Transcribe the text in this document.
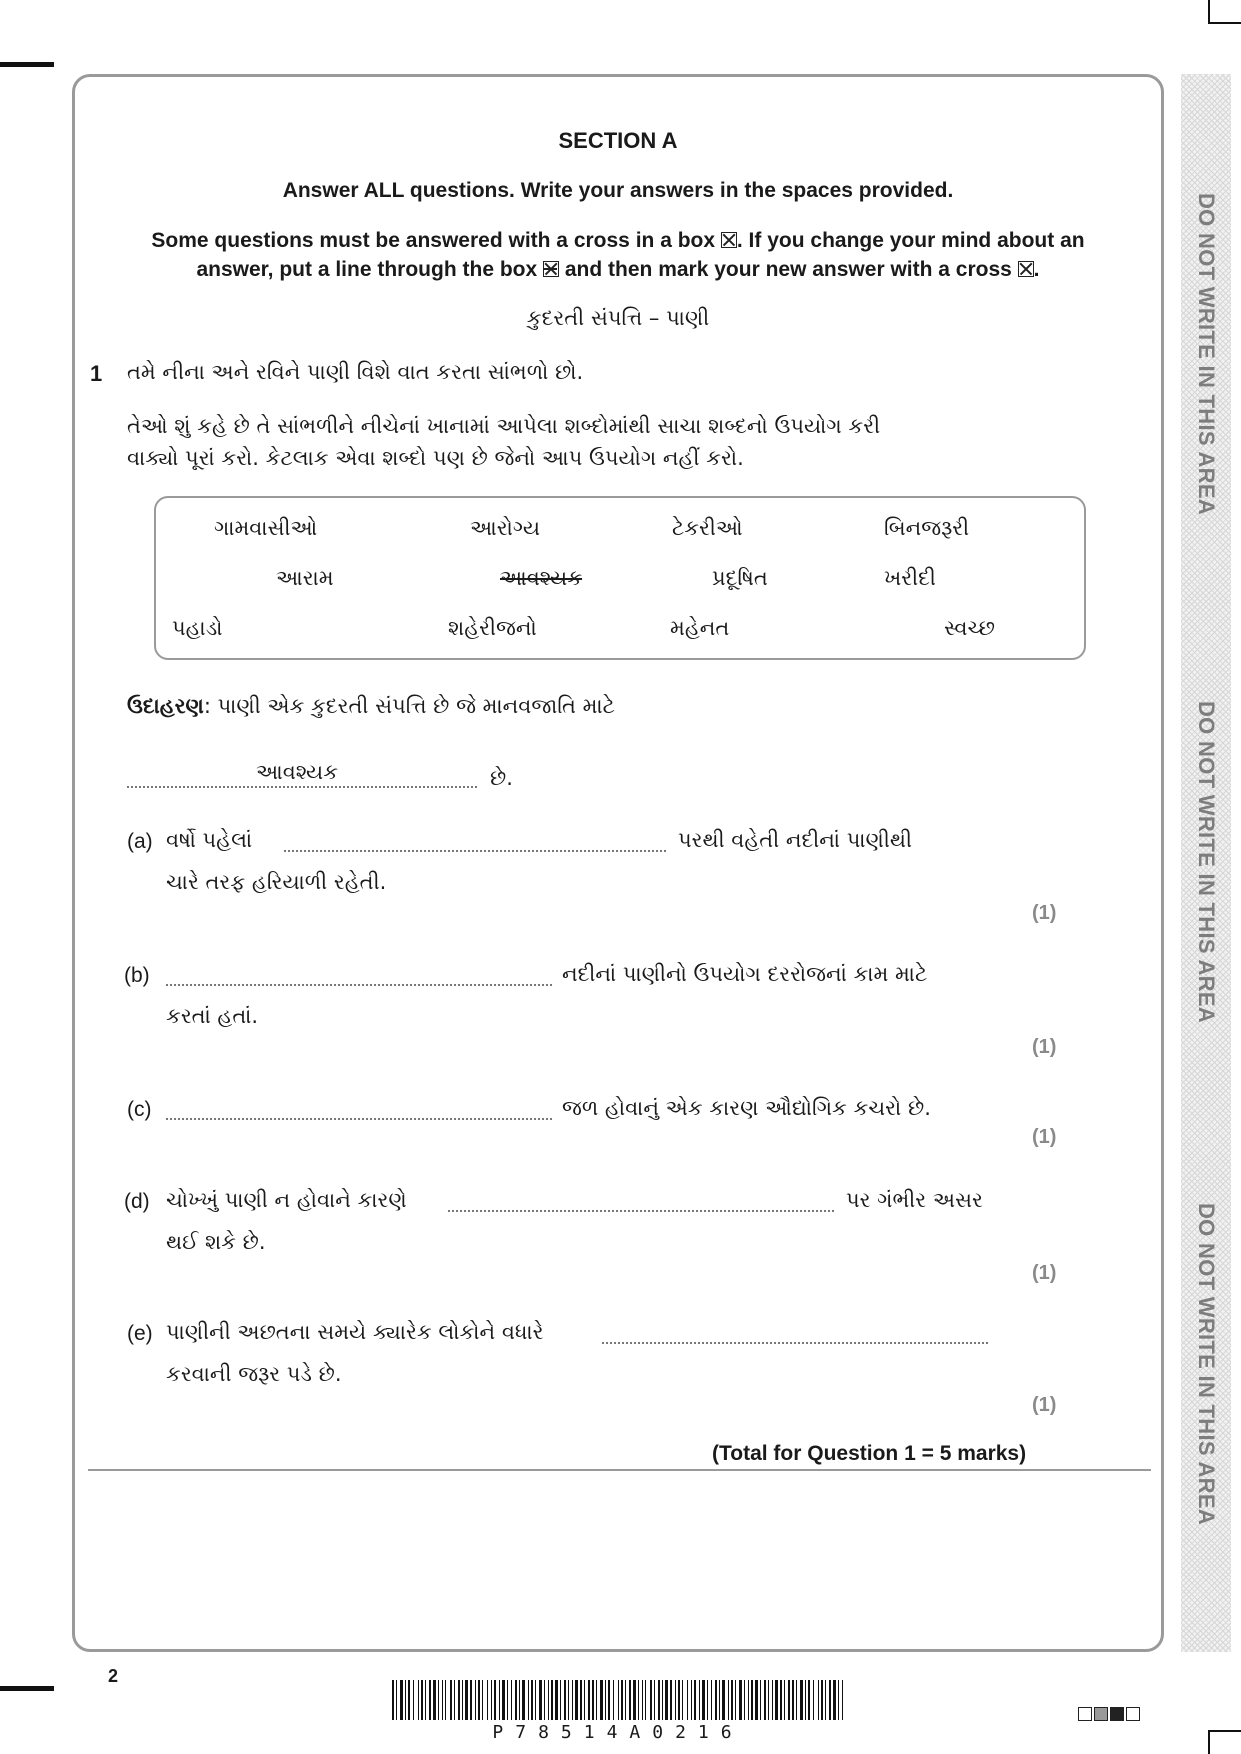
DO NOT WRITE IN THIS AREA
DO NOT WRITE IN THIS AREA
DO NOT WRITE IN THIS AREA
SECTION A
Answer ALL questions. Write your answers in the spaces provided.
Some questions must be answered with a cross in a box ☒. If you change your mind about an
answer, put a line through the box and then mark your new answer with a cross ☒.
કુદરતી સંપત્તિ – પાણી
1 તમે નીના અને રવિને પાણી વિશે વાત કરતા સાંભળો છો.
તેઓ શું કહે છે તે સાંભળીને નીચેનાં ખાનામાં આપેલા શબ્દોમાંથી સાચા શબ્દનો ઉપયોગ કરી
વાક્યો પૂરાં કરો. કેટલાક એવા શબ્દો પણ છે જેનો આપ ઉપયોગ નહીં કરો.
ગામવાસીઓ	આરોગ્ય	ટેકરીઓ	બિનજરૂરી
આરામ	આવશ્યક	પ્રદૂષિત	ખરીદી
પહાડો	શહેરીજનો	મહેનત	સ્વચ્છ
ઉદાહરણ: પાણી એક કુદરતી સંપત્તિ છે જે માનવજાતિ માટે
આવશ્યક	છે.
(a) વર્ષો પહેલાં	પરથી વહેતી નદીનાં પાણીથી
ચારે તરફ હરિયાળી રહેતી.
(1)
(b)	નદીનાં પાણીનો ઉપયોગ દરરોજનાં કામ માટે
કરતાં હતાં.
(1)
(c)	જળ હોવાનું એક કારણ ઔદ્યોગિક કચરો છે.
(1)
(d) ચોખ્ખું પાણી ન હોવાને કારણે	પર ગંભીર અસર
થઈ શકે છે.
(1)
(e) પાણીની અછતના સમયે ક્યારેક લોકોને વધારે
કરવાની જરૂર પડે છે.
(1)
(Total for Question 1 = 5 marks)
2
P78514A0216
